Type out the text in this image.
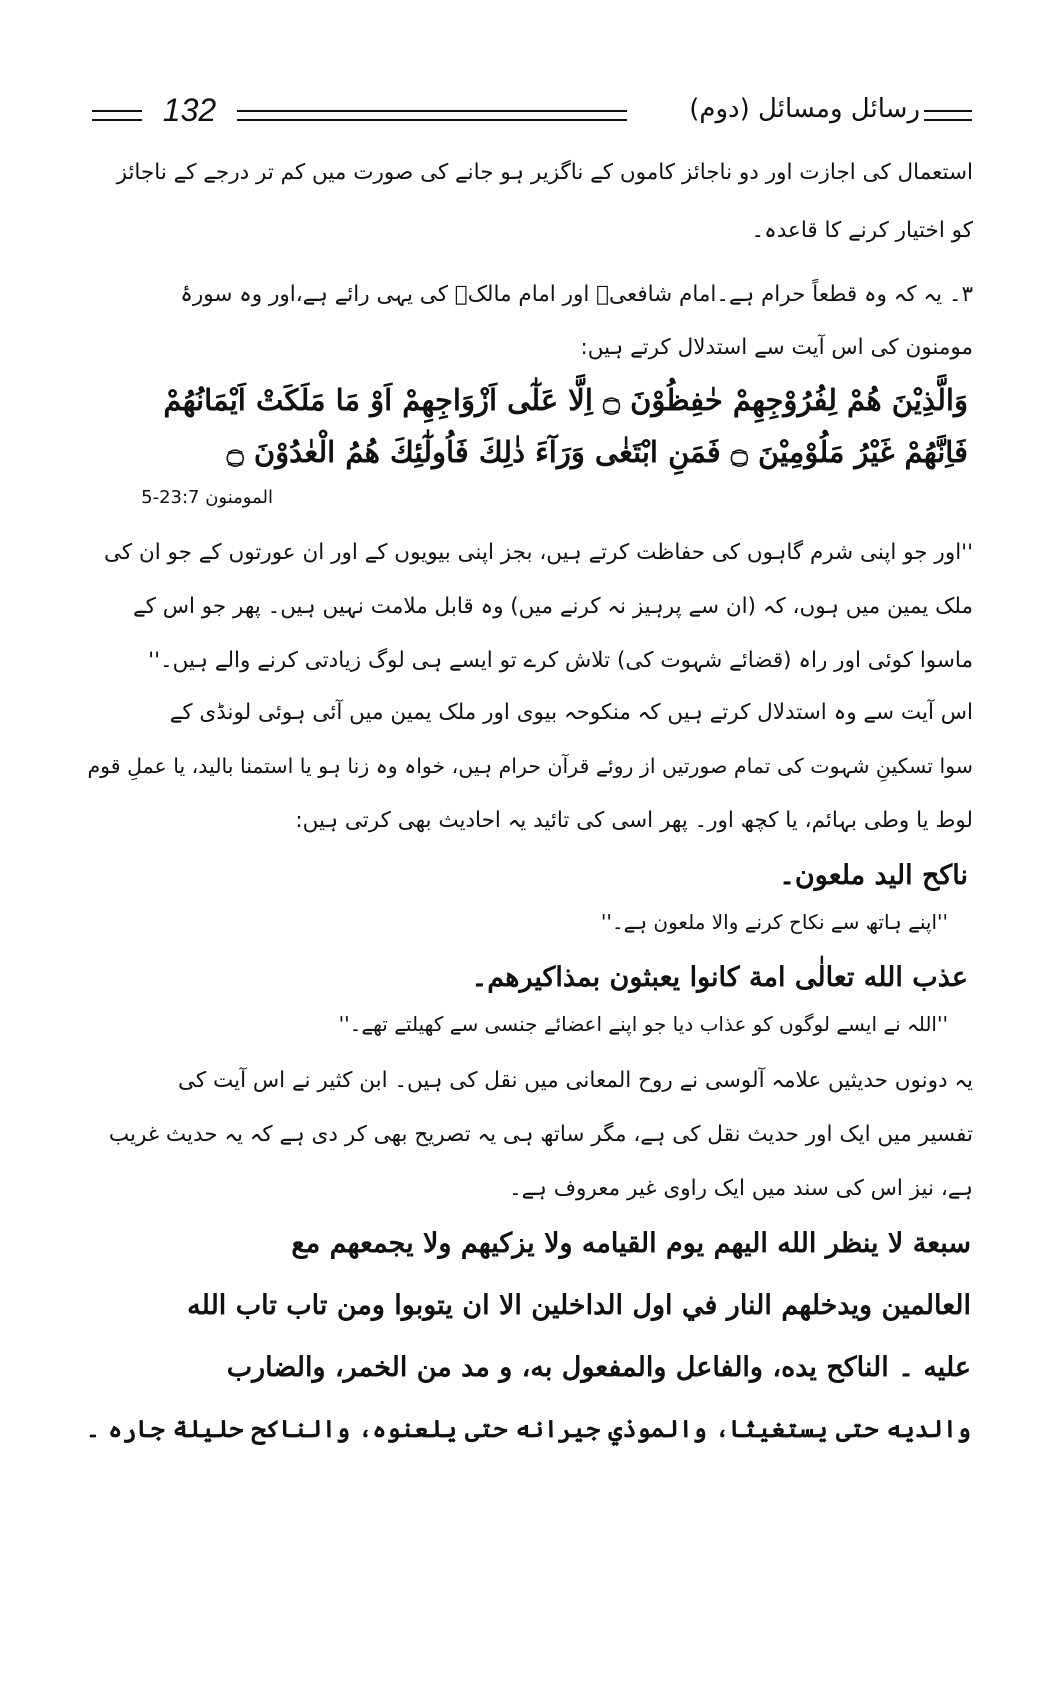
132	رسائل ومسائل (دوم)
استعمال کی اجازت اور دو ناجائز کاموں کے ناگزیر ہو جانے کی صورت میں کم تر درجے کے ناجائز
کو اختیار کرنے کا قاعدہ۔
۳۔ یہ کہ وہ قطعاً حرام ہے۔امام شافعیؒ اور امام مالکؒ کی یہی رائے ہے،اور وہ سورۂ
مومنون کی اس آیت سے استدلال کرتے ہیں:
وَالَّذِيْنَ هُمْ لِفُرُوْجِهِمْ حٰفِظُوْنَ ۝ اِلَّا عَلٰٓى اَزْوَاجِهِمْ اَوْ مَا مَلَكَتْ اَيْمَانُهُمْ
فَاِنَّهُمْ غَيْرُ مَلُوْمِيْنَ ۝ فَمَنِ ابْتَغٰى وَرَآءَ ذٰلِكَ فَاُولٰٓئِكَ هُمُ الْعٰدُوْنَ ۝
المومنون 23:7-5
''اور جو اپنی شرم گاہوں کی حفاظت کرتے ہیں، بجز اپنی بیویوں کے اور ان عورتوں کے جو ان کی
ملک یمین میں ہوں، کہ (ان سے پرہیز نہ کرنے میں) وہ قابل ملامت نہیں ہیں۔ پھر جو اس کے
ماسوا کوئی اور راہ (قضائے شہوت کی) تلاش کرے تو ایسے ہی لوگ زیادتی کرنے والے ہیں۔''
اس آیت سے وہ استدلال کرتے ہیں کہ منکوحہ بیوی اور ملک یمین میں آئی ہوئی لونڈی کے
سوا تسکینِ شہوت کی تمام صورتیں از روئے قرآن حرام ہیں، خواہ وہ زنا ہو یا استمنا بالید، یا عملِ قوم
لوط یا وطی بہائم، یا کچھ اور۔ پھر اسی کی تائید یہ احادیث بھی کرتی ہیں:
ناکح الید ملعون۔
''اپنے ہاتھ سے نکاح کرنے والا ملعون ہے۔''
عذب الله تعالٰی امة کانوا یعبثون بمذاکیرھم۔
''اللہ نے ایسے لوگوں کو عذاب دیا جو اپنے اعضائے جنسی سے کھیلتے تھے۔''
یہ دونوں حدیثیں علامہ آلوسی نے روح المعانی میں نقل کی ہیں۔ ابن کثیر نے اس آیت کی
تفسیر میں ایک اور حدیث نقل کی ہے، مگر ساتھ ہی یہ تصریح بھی کر دی ہے کہ یہ حدیث غریب
ہے، نیز اس کی سند میں ایک راوی غیر معروف ہے۔
سبعة لا ينظر الله اليهم يوم القيامه ولا يزكيهم ولا يجمعهم مع
العالمين ويدخلهم النار في اول الداخلين الا ان يتوبوا ومن تاب تاب الله
عليه ۔ الناكح يده، والفاعل والمفعول به، و مد من الخمر، والضارب
والديه حتى يستغيثا، والموذي جيرانه حتى يلعنوه، والناكح حليلة جاره ۔
